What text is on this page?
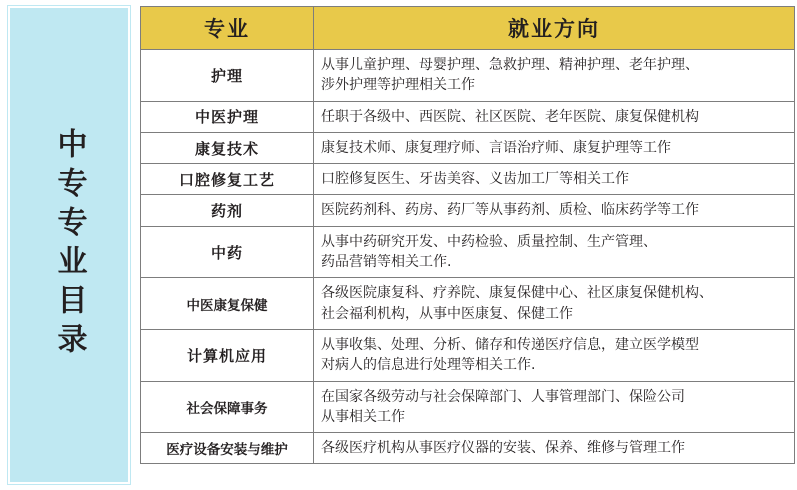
中专专业目录
专业	就业方向
护理	从事儿童护理、母婴护理、急救护理、精神护理、老年护理、
涉外护理等护理相关工作

中医护理	任职于各级中、西医院、社区医院、老年医院、康复保健机构

康复技术	康复技术师、康复理疗师、言语治疗师、康复护理等工作

口腔修复工艺	口腔修复医生、牙齿美容、义齿加工厂等相关工作

药剂	医院药剂科、药房、药厂等从事药剂、质检、临床药学等工作

中药	从事中药研究开发、中药检验、质量控制、生产管理、
药品营销等相关工作.

中医康复保健	各级医院康复科、疗养院、康复保健中心、社区康复保健机构、
社会福利机构，从事中医康复、保健工作

计算机应用	从事收集、处理、分析、储存和传递医疗信息，建立医学模型
对病人的信息进行处理等相关工作.

社会保障事务	在国家各级劳动与社会保障部门、人事管理部门、保险公司
从事相关工作

医疗设备安装与维护	各级医疗机构从事医疗仪器的安装、保养、维修与管理工作
